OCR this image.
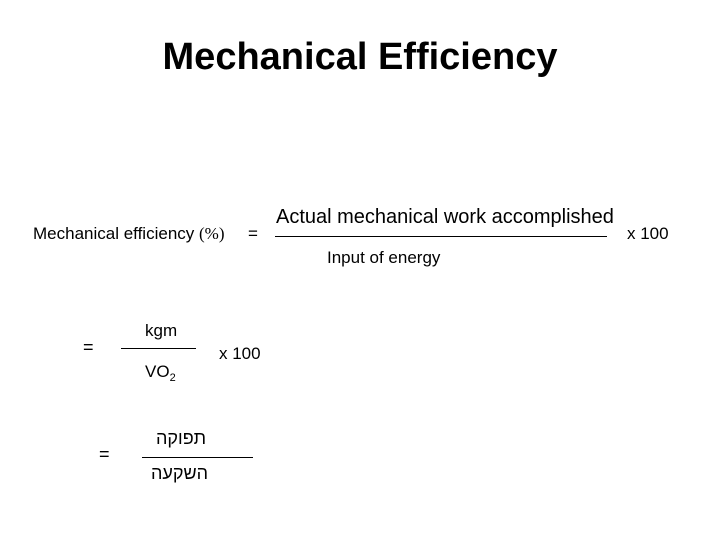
Mechanical Efficiency
Mechanical efficiency (%) =
Actual mechanical work accomplished
Input of energy
x 100
=
kgm
$VO_2$
x 100
=
תפוקה
השקעה
